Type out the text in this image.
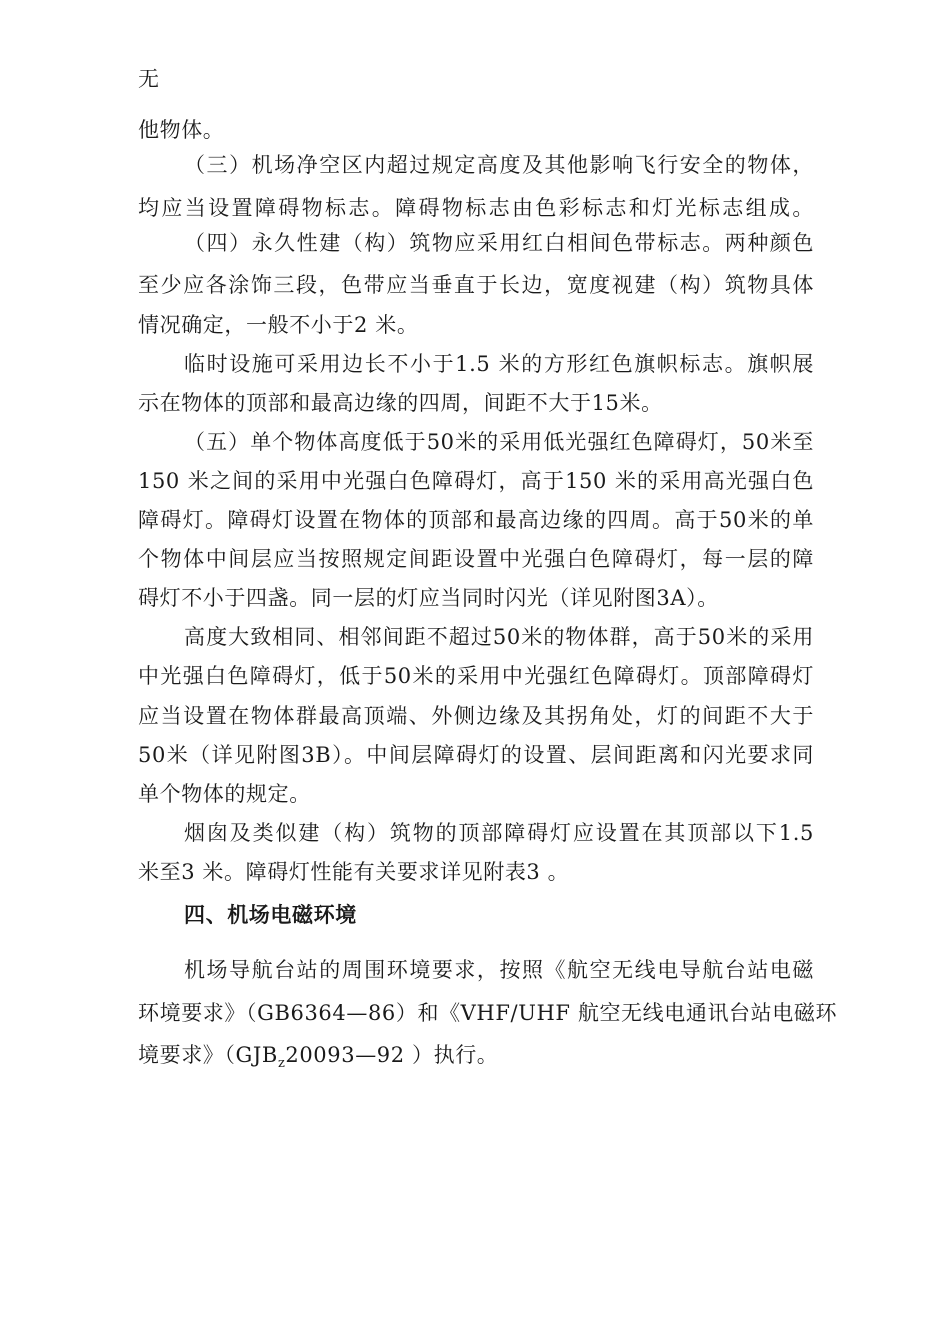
无
他物体。
（三）机场净空区内超过规定高度及其他影响飞行安全的物体，
均应当设置障碍物标志。障碍物标志由色彩标志和灯光标志组成。
（四）永久性建（构）筑物应采用红白相间色带标志。两种颜色
至少应各涂饰三段，色带应当垂直于长边，宽度视建（构）筑物具体
情况确定，一般不小于2 米。
临时设施可采用边长不小于1.5 米的方形红色旗帜标志。旗帜展
示在物体的顶部和最高边缘的四周，间距不大于15米。
（五）单个物体高度低于50米的采用低光强红色障碍灯，50米至
150 米之间的采用中光强白色障碍灯，高于150 米的采用高光强白色
障碍灯。障碍灯设置在物体的顶部和最高边缘的四周。高于50米的单
个物体中间层应当按照规定间距设置中光强白色障碍灯，每一层的障
碍灯不小于四盏。同一层的灯应当同时闪光（详见附图3A）。
高度大致相同、相邻间距不超过50米的物体群，高于50米的采用
中光强白色障碍灯，低于50米的采用中光强红色障碍灯。顶部障碍灯
应当设置在物体群最高顶端、外侧边缘及其拐角处，灯的间距不大于
50米（详见附图3B）。中间层障碍灯的设置、层间距离和闪光要求同
单个物体的规定。
烟囱及类似建（构）筑物的顶部障碍灯应设置在其顶部以下1.5
米至3 米。障碍灯性能有关要求详见附表3 。
四、机场电磁环境
机场导航台站的周围环境要求，按照《航空无线电导航台站电磁
环境要求》（GB6364—86）和《VHF/UHF 航空无线电通讯台站电磁环
境要求》（$GJB_z20093—92$ ）执行。
